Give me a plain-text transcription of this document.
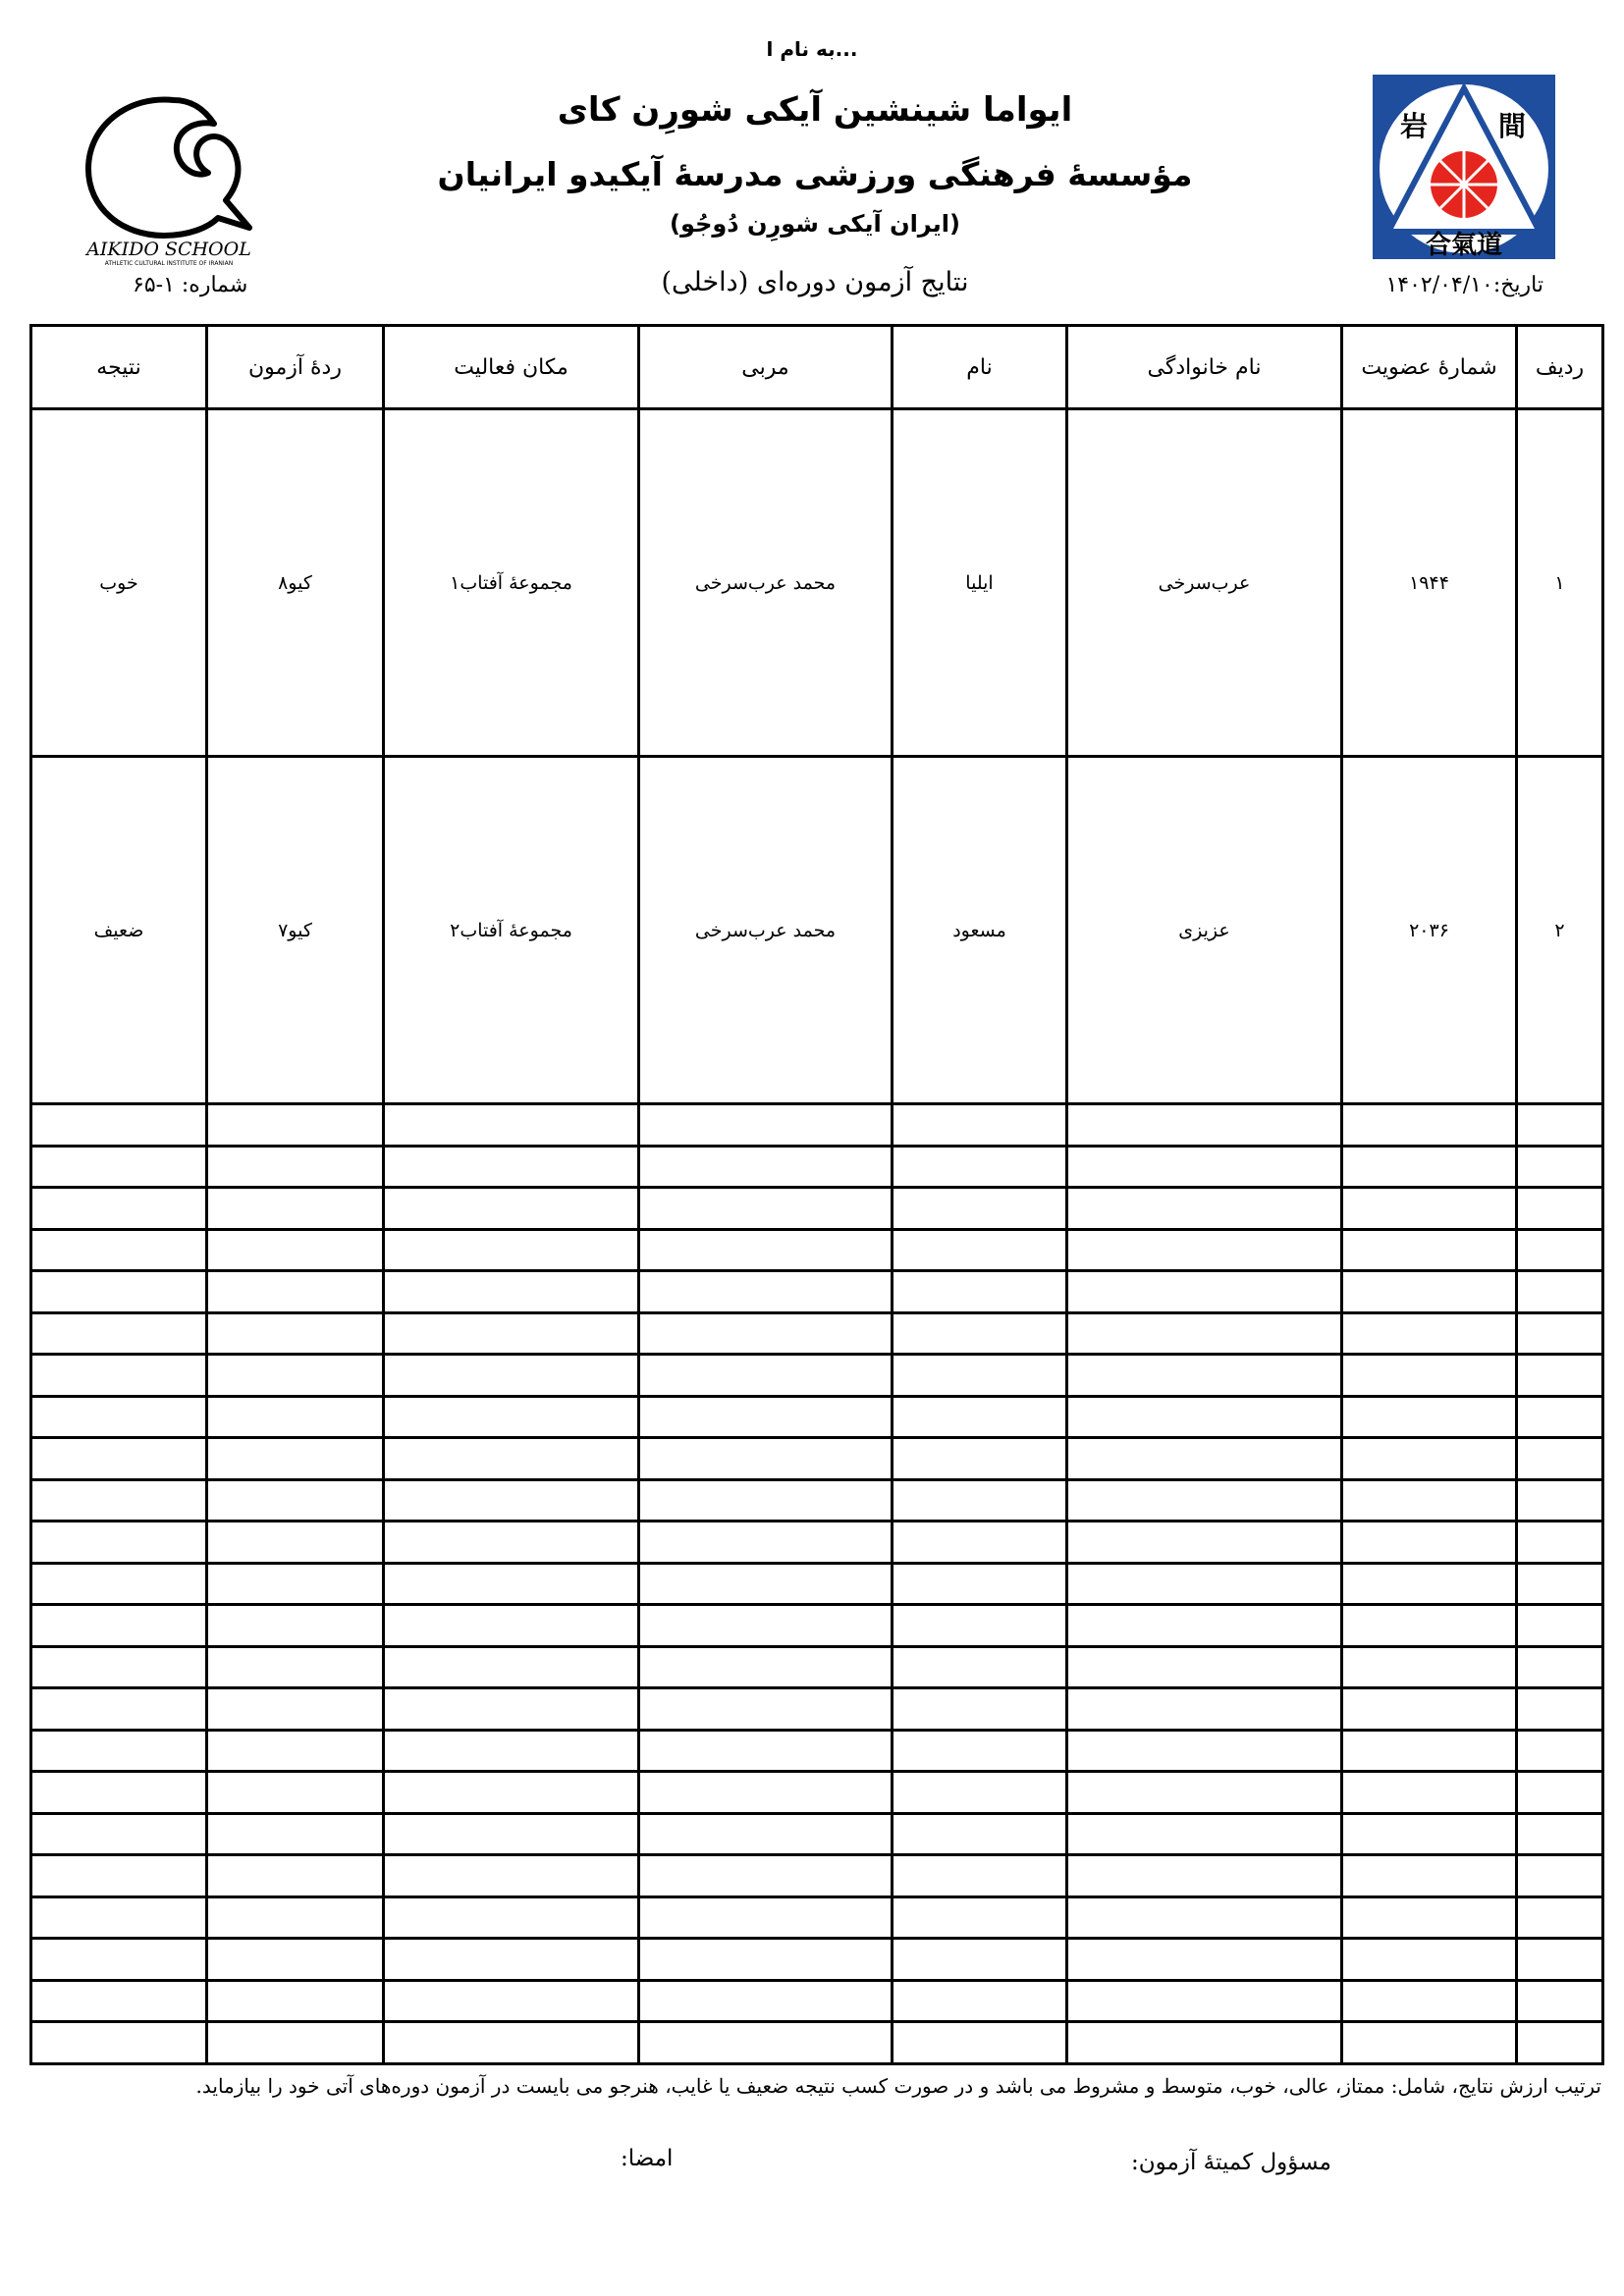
به نام ا...
AIKIDO SCHOOL
ATHLETIC CULTURAL INSTITUTE OF IRANIAN
岩	間
合氣道
ایواما شینشین آیکی شورِن کای
مؤسسۀ فرهنگی ورزشی مدرسۀ آیکیدو ایرانیان
(ایران آیکی شورِن دُوجُو)
نتایج آزمون دوره‌ای (داخلی)	تاریخ:۱۴۰۲/۰۴/۱۰
شماره: ۱-۶۵
ردیف	شمارۀ عضویت	نام خانوادگی	نام	مربی	مکان فعالیت	ردۀ آزمون	نتیجه
۱	۱۹۴۴	عرب‌سرخی	ایلیا	محمد عرب‌سرخی	مجموعۀ آفتاب۱	کیو۸	خوب
۲	۲۰۳۶	عزیزی	مسعود	محمد عرب‌سرخی	مجموعۀ آفتاب۲	کیو۷	ضعیف

ترتیب ارزش نتایج، شامل: ممتاز، عالی، خوب، متوسط و مشروط می باشد و در صورت کسب نتیجه ضعیف یا غایب، هنرجو می بایست در آزمون دوره‌های آتی خود را بیازماید.
مسؤول کمیتۀ آزمون:
امضا:
